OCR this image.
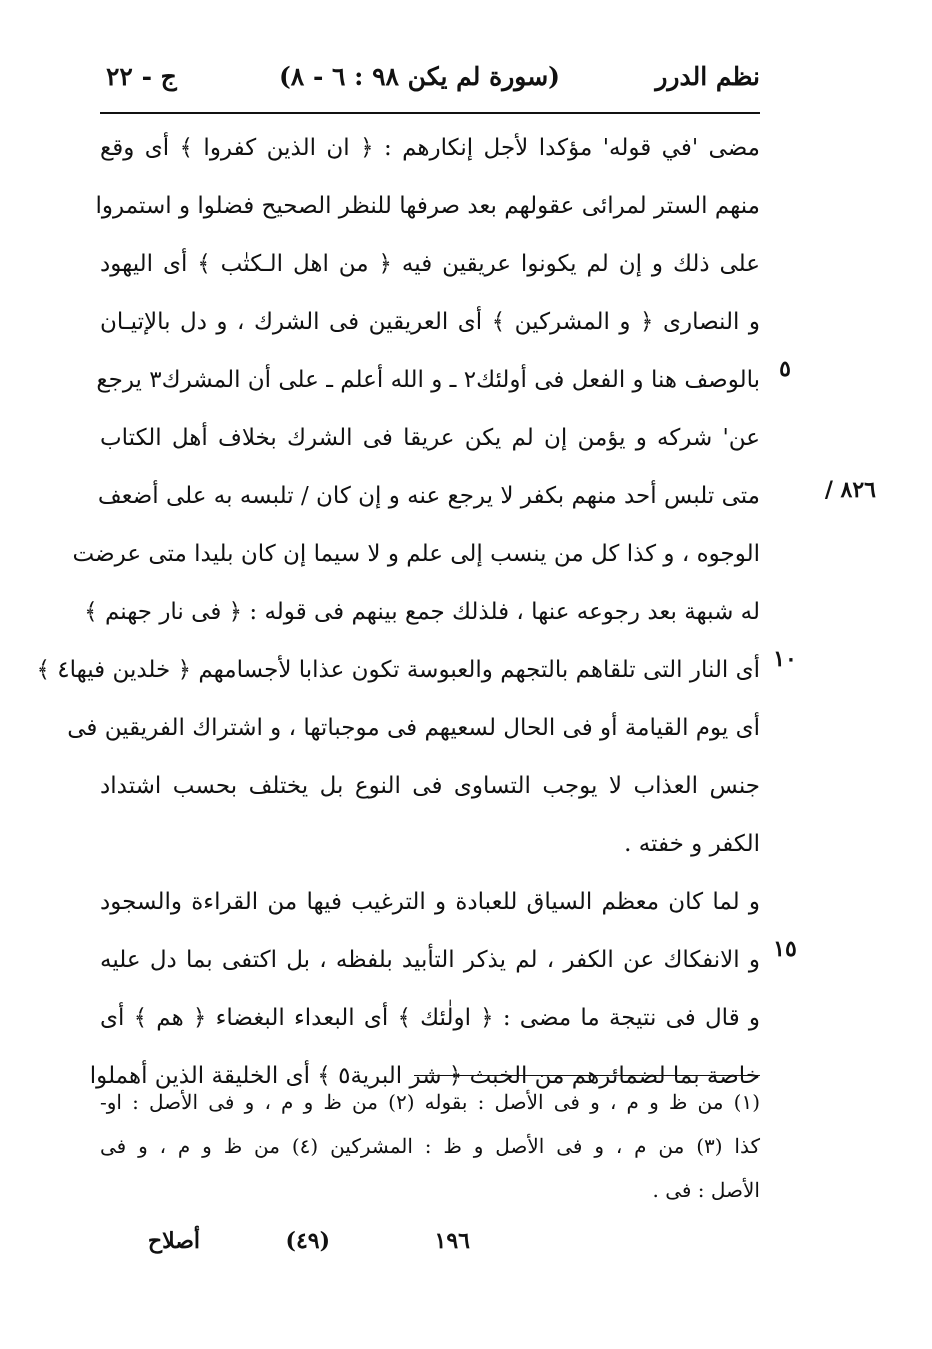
نظم الدرر
(سورة لم يكن ٩٨ : ٦ - ٨)
ج - ٢٢
مضى 'في قوله' مؤكدا لأجل إنكارهم : ﴿ ان الذين كفروا ﴾ أى وقع
منهم الستر لمرائى عقولهم بعد صرفها للنظر الصحيح فضلوا و استمروا
على ذلك و إن لم يكونوا عريقين فيه ﴿ من اهل الـكتٰب ﴾ أى اليهود
و النصارى ﴿ و المشركين ﴾ أى العريقين فى الشرك ، و دل بالإتيـان
بالوصف هنا و الفعل فى أولئك٢ ـ و الله أعلم ـ على أن المشرك٣ يرجع
عن' شركه و يؤمن إن لم يكن عريقا فى الشرك بخلاف أهل الكتاب
متى تلبس أحد منهم بكفر لا يرجع عنه و إن كان / تلبسه به على أضعف
الوجوه ، و كذا كل من ينسب إلى علم و لا سيما إن كان بليدا متى عرضت
له شبهة بعد رجوعه عنها ، فلذلك جمع بينهم فى قوله : ﴿ فى نار جهنم ﴾
أى النار التى تلقاهم بالتجهم والعبوسة تكون عذابا لأجسامهم ﴿ خلدين فيها٤ ﴾
أى يوم القيامة أو فى الحال لسعيهم فى موجباتها ، و اشتراك الفريقين فى
جنس العذاب لا يوجب التساوى فى النوع بل يختلف بحسب اشتداد
الكفر و خفته .
و لما كان معظم السياق للعبادة و الترغيب فيها من القراءة والسجود
و الانفكاك عن الكفر ، لم يذكر التأبيد بلفظه ، بل اكتفى بما دل عليه
و قال فى نتيجة ما مضى : ﴿ اولٰئك ﴾ أى البعداء البغضاء ﴿ هم ﴾ أى
خاصة بما لضمائرهم من الخبث ﴿ شر البرية٥ ﴾ أى الخليقة الذين أهملوا
٥
١٠
١٥
٨٢٦ /
(١) من ظ و م ، و فى الأصل : بقوله (٢) من ظ و م ، و فى الأصل : او-
كذا (٣) من م ، و فى الأصل و ظ : المشركين (٤) من ظ و م ، و فى
الأصل : فى .
١٩٦
(٤٩)
أصلاح
